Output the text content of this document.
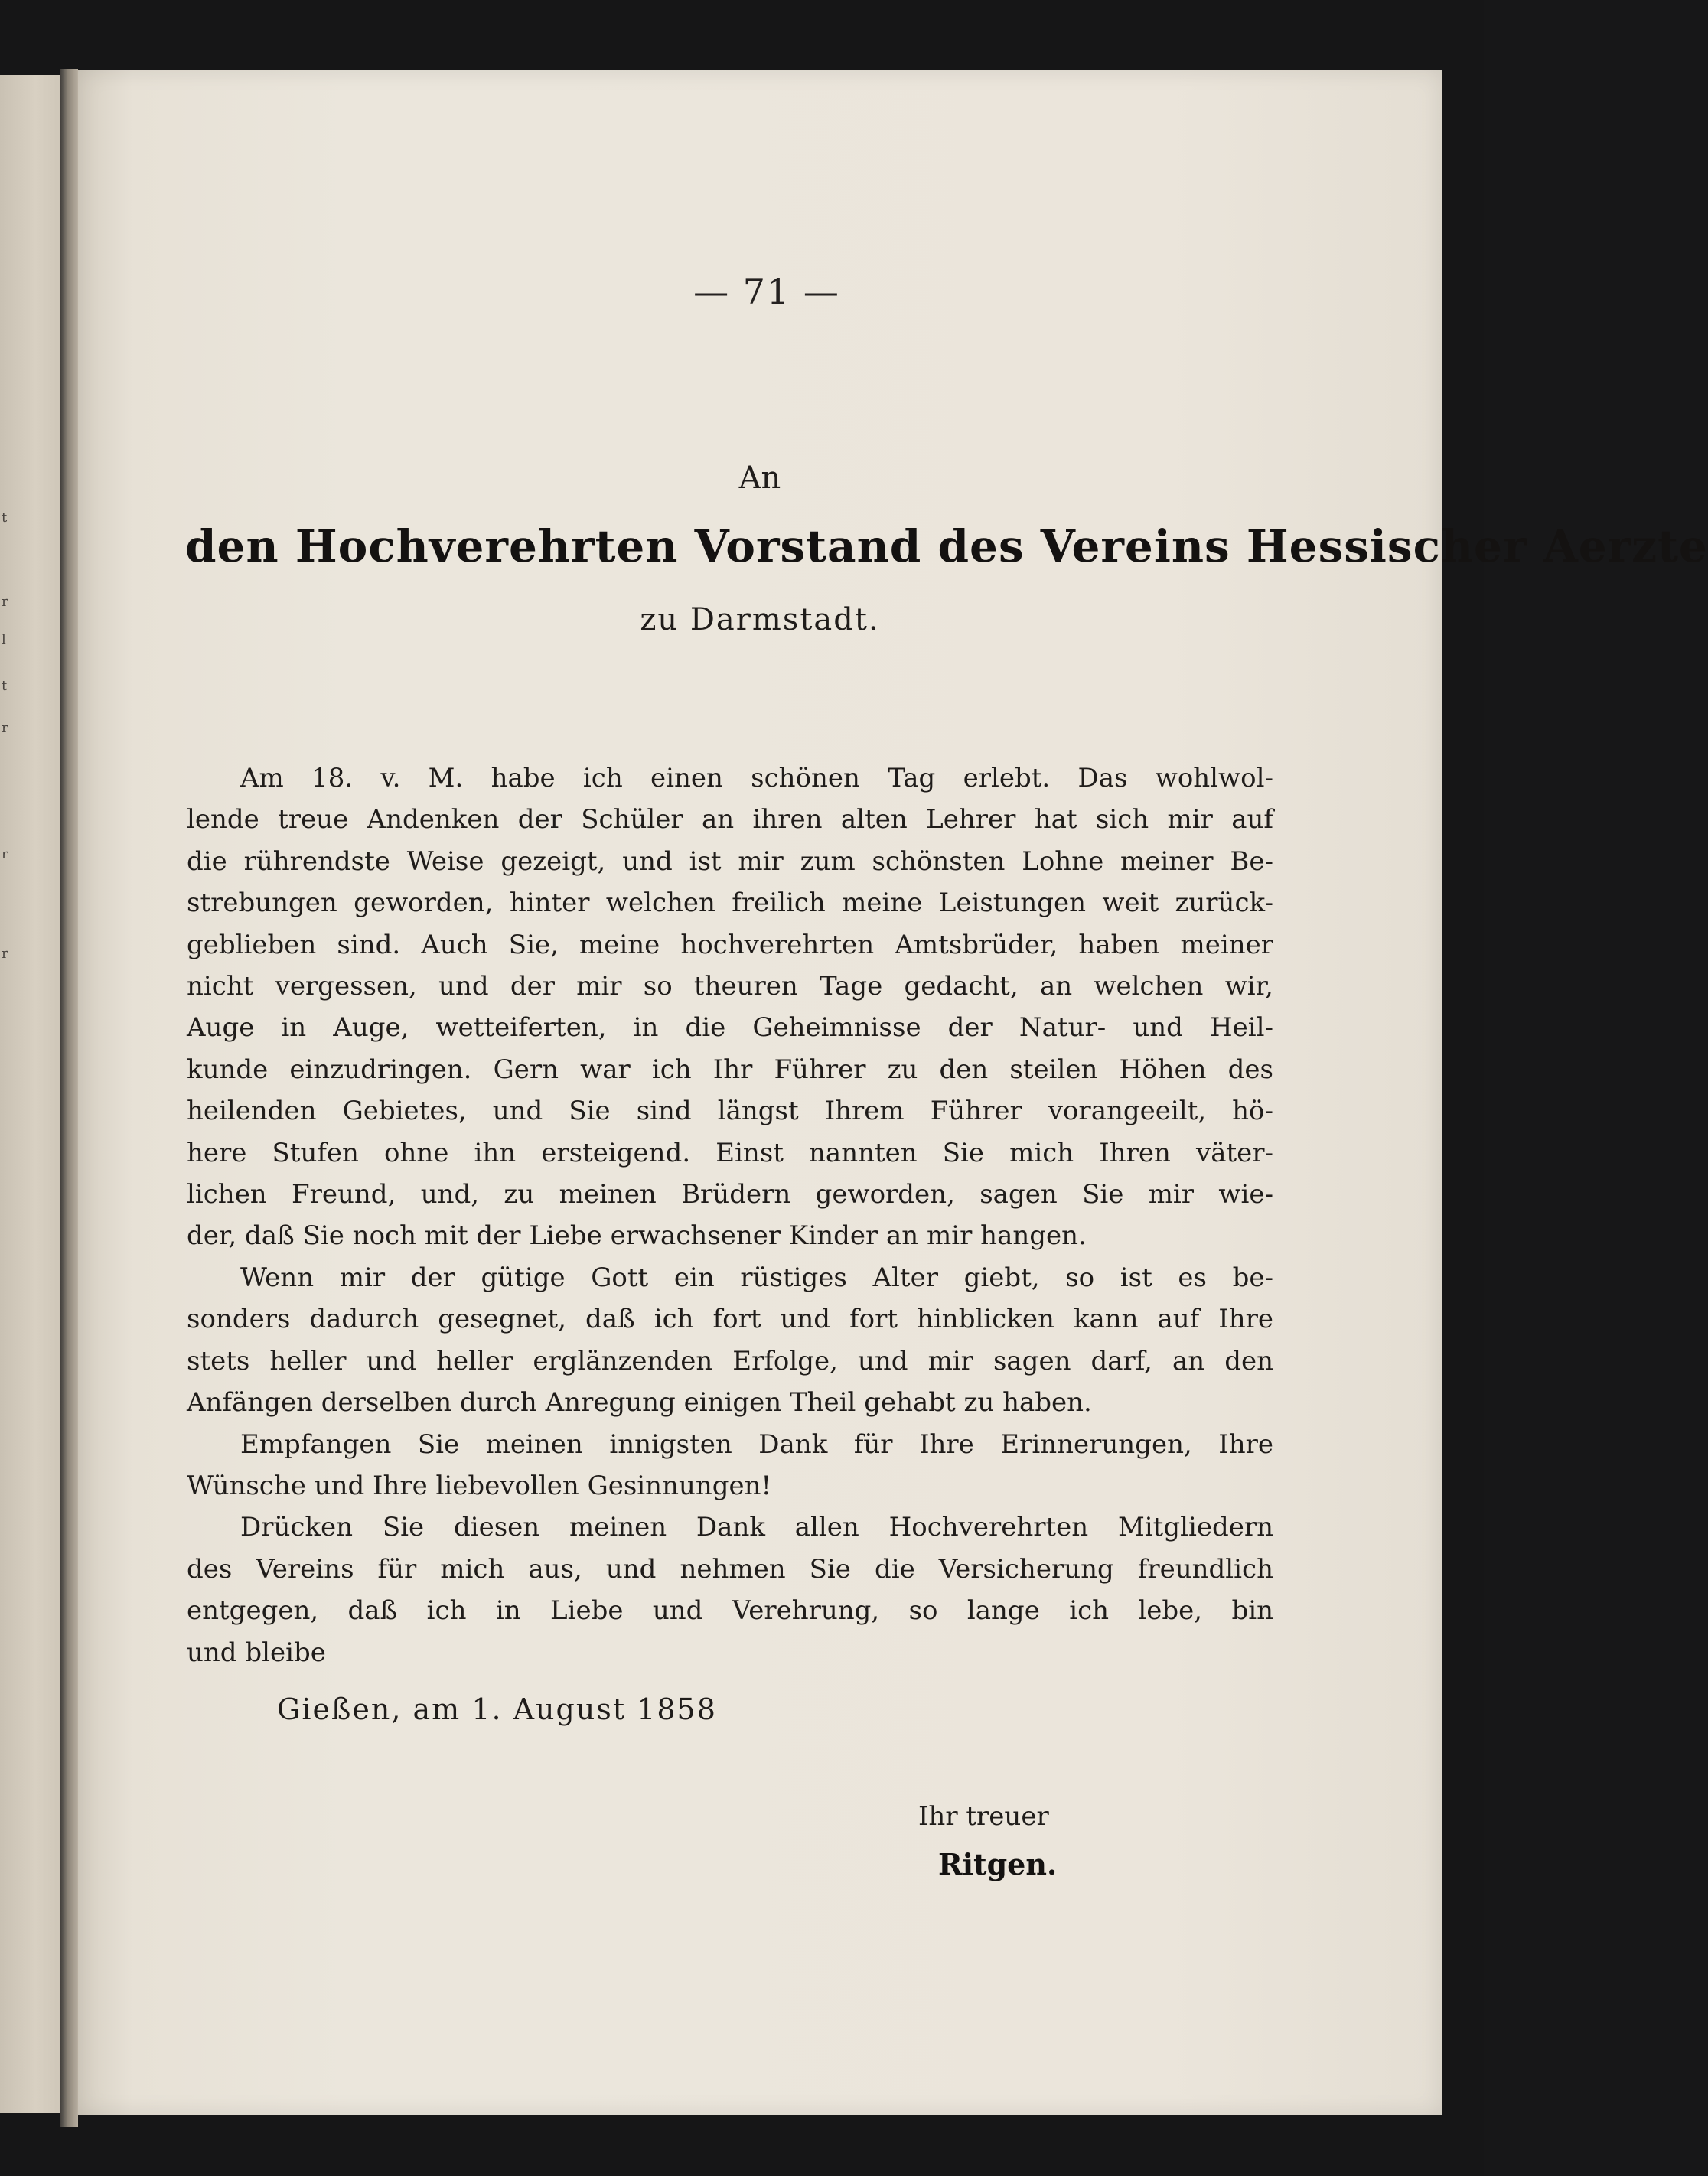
t
r
l
t
r
r
r
— 71 —
An
den Hochverehrten Vorstand des Vereins Hessischer Aerzte
zu Darmstadt.
Am 18. v. M. habe ich einen schönen Tag erlebt. Das wohlwol-
lende treue Andenken der Schüler an ihren alten Lehrer hat sich mir auf
die rührendste Weise gezeigt, und ist mir zum schönsten Lohne meiner Be-
strebungen geworden, hinter welchen freilich meine Leistungen weit zurück-
geblieben sind. Auch Sie, meine hochverehrten Amtsbrüder, haben meiner
nicht vergessen, und der mir so theuren Tage gedacht, an welchen wir,
Auge in Auge, wetteiferten, in die Geheimnisse der Natur- und Heil-
kunde einzudringen. Gern war ich Ihr Führer zu den steilen Höhen des
heilenden Gebietes, und Sie sind längst Ihrem Führer vorangeeilt, hö-
here Stufen ohne ihn ersteigend. Einst nannten Sie mich Ihren väter-
lichen Freund, und, zu meinen Brüdern geworden, sagen Sie mir wie-
der, daß Sie noch mit der Liebe erwachsener Kinder an mir hangen.
Wenn mir der gütige Gott ein rüstiges Alter giebt, so ist es be-
sonders dadurch gesegnet, daß ich fort und fort hinblicken kann auf Ihre
stets heller und heller erglänzenden Erfolge, und mir sagen darf, an den
Anfängen derselben durch Anregung einigen Theil gehabt zu haben.
Empfangen Sie meinen innigsten Dank für Ihre Erinnerungen, Ihre
Wünsche und Ihre liebevollen Gesinnungen!
Drücken Sie diesen meinen Dank allen Hochverehrten Mitgliedern
des Vereins für mich aus, und nehmen Sie die Versicherung freundlich
entgegen, daß ich in Liebe und Verehrung, so lange ich lebe, bin
und bleibe
Gießen, am 1. August 1858
Ihr treuer
Ritgen.
